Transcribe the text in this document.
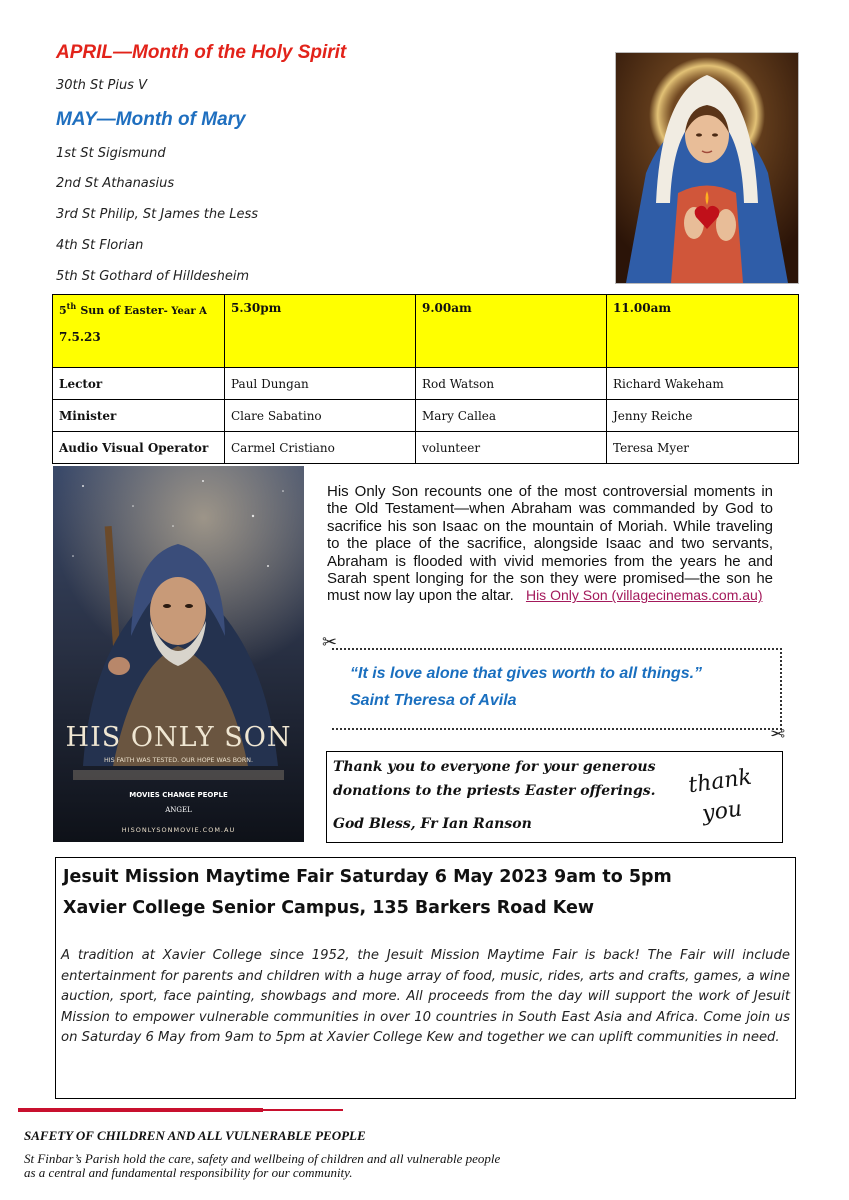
APRIL—Month of the Holy Spirit
30th St Pius V
MAY—Month of Mary
1st St Sigismund
2nd St Athanasius
3rd St Philip, St James the Less
4th St Florian
5th St Gothard of Hilldesheim
5th Sun of Easter- Year A
7.5.23	5.30pm	9.00am	11.00am
Lector	Paul Dungan	Rod Watson	Richard Wakeham
Minister	Clare Sabatino	Mary Callea	Jenny Reiche
Audio Visual Operator	Carmel Cristiano	volunteer	Teresa Myer
HIS ONLY SON
HIS FAITH WAS TESTED. OUR HOPE WAS BORN.
MOVIES CHANGE PEOPLE
ANGEL
HISONLYSONMOVIE.COM.AU
His Only Son recounts one of the most controversial moments in the Old Testament—when Abraham was commanded by God to sacrifice his son Isaac on the mountain of Moriah. While traveling to the place of the sacrifice, alongside Isaac and two servants, Abraham is flooded with vivid memories from the years he and Sarah spent longing for the son they were promised—the son he must now lay upon the altar. His Only Son (villagecinemas.com.au)
✂
“It is love alone that gives worth to all things.”
Saint Theresa of Avila
✂
Thank you to everyone for your generous
donations to the priests Easter offerings.
God Bless, Fr Ian Ranson
thank
you
Jesuit Mission Maytime Fair Saturday 6 May 2023 9am to 5pm
Xavier College Senior Campus, 135 Barkers Road Kew
A tradition at Xavier College since 1952, the Jesuit Mission Maytime Fair is back! The Fair will include entertainment for parents and children with a huge array of food, music, rides, arts and crafts, games, a wine auction, sport, face painting, showbags and more. All proceeds from the day will support the work of Jesuit Mission to empower vulnerable communities in over 10 countries in South East Asia and Africa. Come join us on Saturday 6 May from 9am to 5pm at Xavier College Kew and together we can uplift communities in need.
SAFETY OF CHILDREN AND ALL VULNERABLE PEOPLE
St Finbar’s Parish hold the care, safety and wellbeing of children and all vulnerable people
as a central and fundamental responsibility for our community.
